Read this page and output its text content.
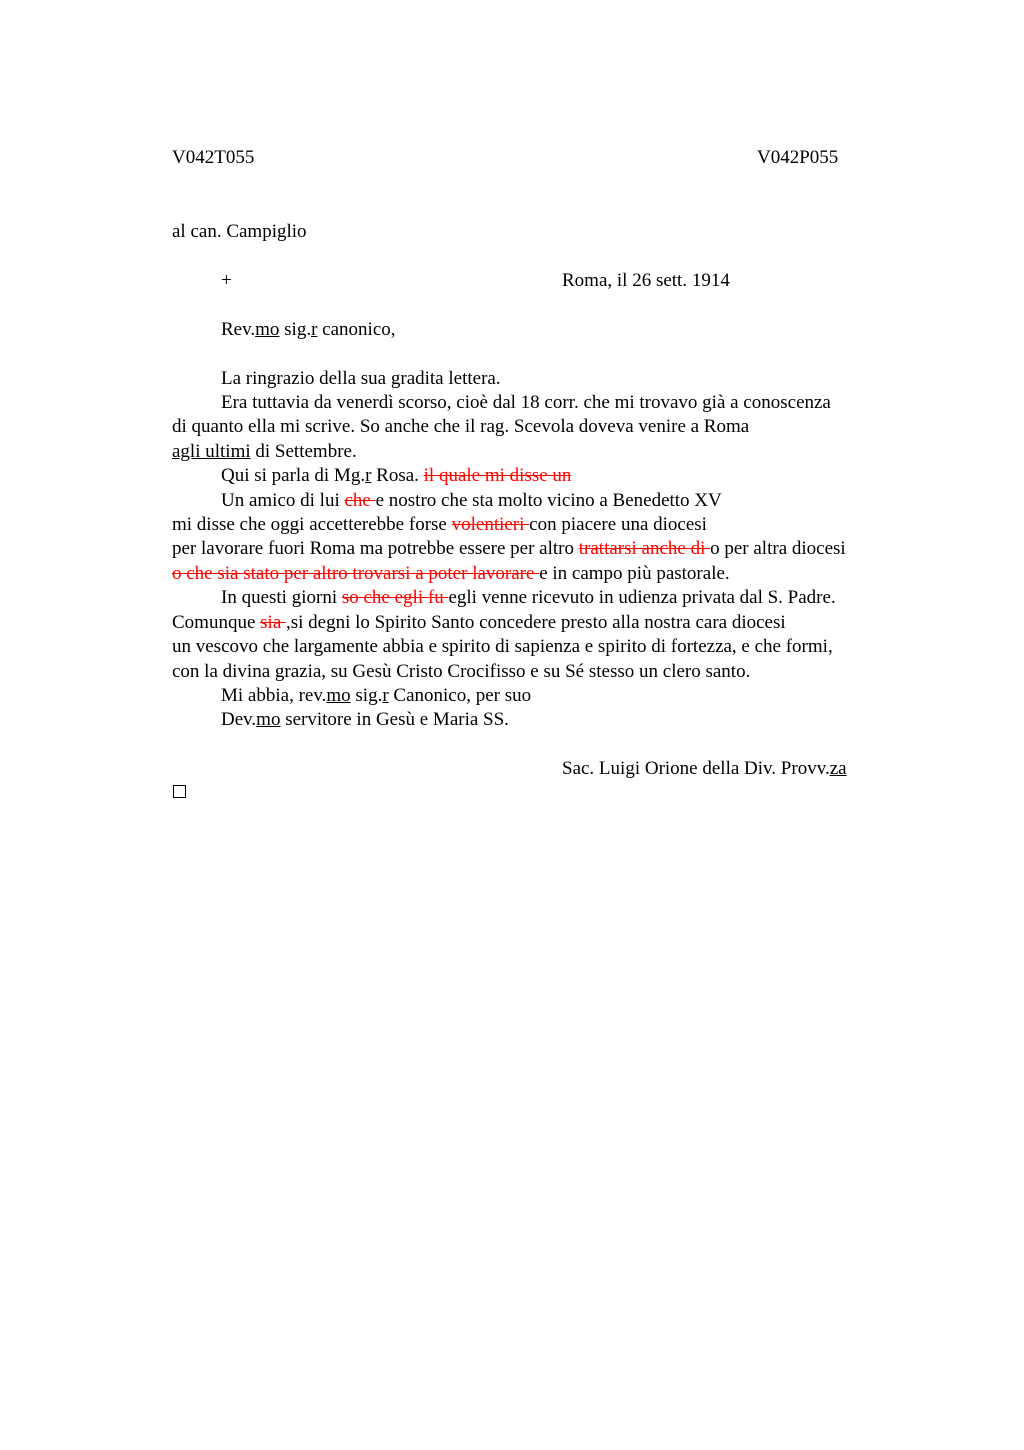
V042T055	V042P055
al can. Campiglio
+	Roma, il 26 sett. 1914
Rev.mo sig.r canonico,
La ringrazio della sua gradita lettera.
Era tuttavia da venerdì scorso, cioè dal 18 corr. che mi trovavo già a conoscenza
di quanto ella mi scrive. So anche che il rag. Scevola doveva venire a Roma
agli ultimi di Settembre.
Qui si parla di Mg.r Rosa. il quale mi disse un
Un amico di lui che e nostro che sta molto vicino a Benedetto XV
mi disse che oggi accetterebbe forse volentieri con piacere una diocesi
per lavorare fuori Roma ma potrebbe essere per altro trattarsi anche di o per altra diocesi
o che sia stato per altro trovarsi a poter lavorare e in campo più pastorale.
In questi giorni so che egli fu egli venne ricevuto in udienza privata dal S. Padre.
Comunque sia ,si degni lo Spirito Santo concedere presto alla nostra cara diocesi
un vescovo che largamente abbia e spirito di sapienza e spirito di fortezza, e che formi,
con la divina grazia, su Gesù Cristo Crocifisso e su Sé stesso un clero santo.
Mi abbia, rev.mo sig.r Canonico, per suo
Dev.mo servitore in Gesù e Maria SS.
Sac. Luigi Orione della Div. Provv.za
